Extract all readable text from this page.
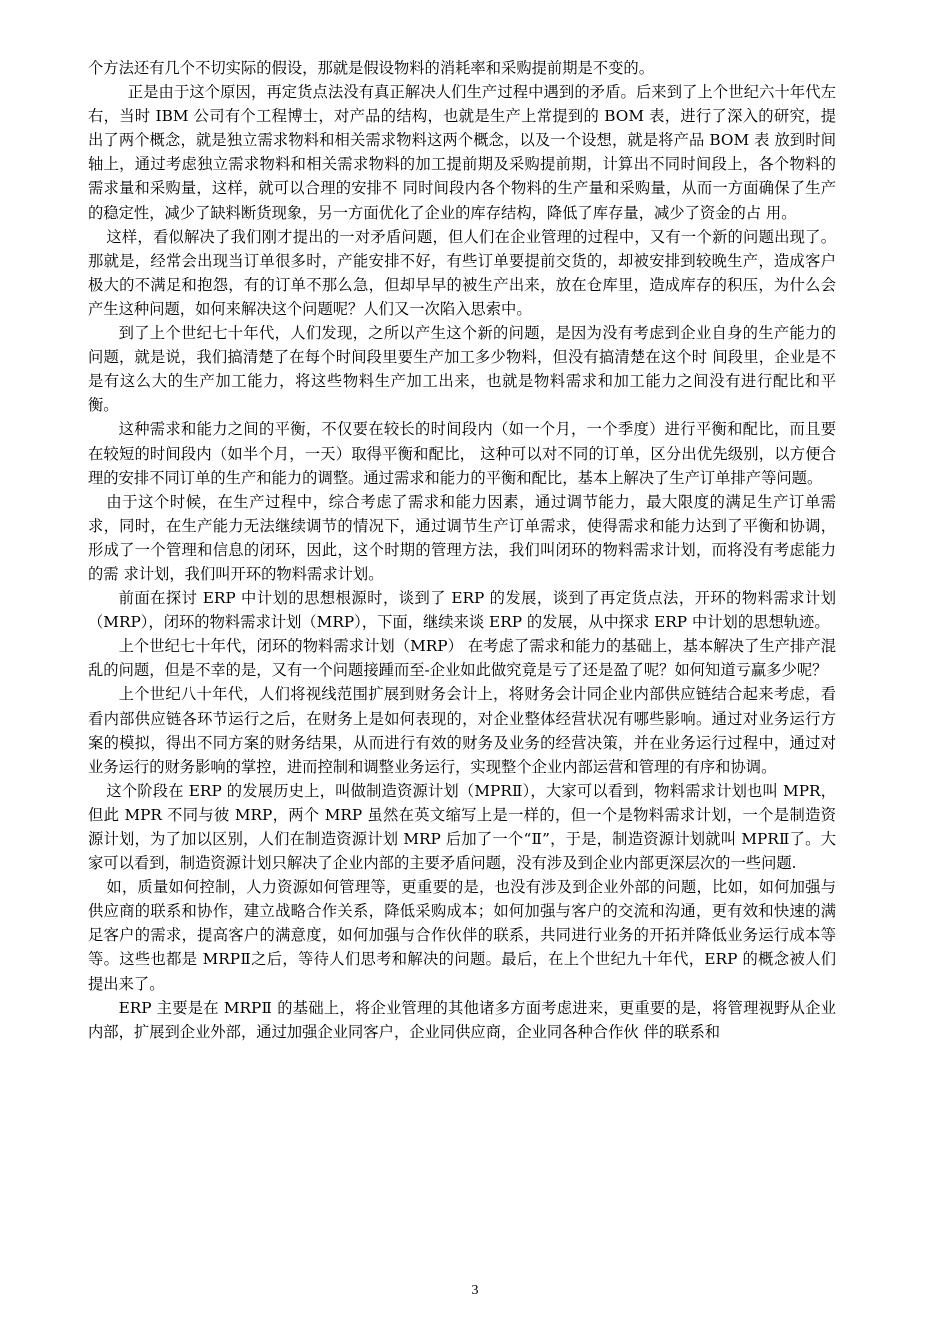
个方法还有几个不切实际的假设，那就是假设物料的消耗率和采购提前期是不变的。

正是由于这个原因，再定货点法没有真正解决人们生产过程中遇到的矛盾。后来到了上个世纪六十年代左右，当时 IBM 公司有个工程博士，对产品的结构，也就是生产上常提到的 BOM 表，进行了深入的研究，提出了两个概念，就是独立需求物料和相关需求物料这两个概念，以及一个设想，就是将产品 BOM 表 放到时间轴上，通过考虑独立需求物料和相关需求物料的加工提前期及采购提前期，计算出不同时间段上，各个物料的需求量和采购量，这样，就可以合理的安排不 同时间段内各个物料的生产量和采购量，从而一方面确保了生产的稳定性，减少了缺料断货现象，另一方面优化了企业的库存结构，降低了库存量，减少了资金的占 用。

这样，看似解决了我们刚才提出的一对矛盾问题，但人们在企业管理的过程中，又有一个新的问题出现了。那就是，经常会出现当订单很多时，产能安排不好，有些订单要提前交货的，却被安排到较晚生产，造成客户极大的不满足和抱怨，有的订单不那么急，但却早早的被生产出来，放在仓库里，造成库存的积压，为什么会产生这种问题，如何来解决这个问题呢？人们又一次陷入思索中。

到了上个世纪七十年代，人们发现，之所以产生这个新的问题，是因为没有考虑到企业自身的生产能力的问题，就是说，我们搞清楚了在每个时间段里要生产加工多少物料，但没有搞清楚在这个时 间段里，企业是不是有这么大的生产加工能力，将这些物料生产加工出来，也就是物料需求和加工能力之间没有进行配比和平衡。

这种需求和能力之间的平衡，不仅要在较长的时间段内（如一个月，一个季度）进行平衡和配比，而且要在较短的时间段内（如半个月，一天）取得平衡和配比， 这种可以对不同的订单，区分出优先级别，以方便合理的安排不同订单的生产和能力的调整。通过需求和能力的平衡和配比，基本上解决了生产订单排产等问题。

由于这个时候，在生产过程中，综合考虑了需求和能力因素，通过调节能力，最大限度的满足生产订单需求，同时，在生产能力无法继续调节的情况下，通过调节生产订单需求，使得需求和能力达到了平衡和协调，形成了一个管理和信息的闭环，因此，这个时期的管理方法，我们叫闭环的物料需求计划，而将没有考虑能力的需 求计划，我们叫开环的物料需求计划。

前面在探讨 ERP 中计划的思想根源时，谈到了 ERP 的发展，谈到了再定货点法，开环的物料需求计划（MRP），闭环的物料需求计划（MRP），下面，继续来谈 ERP 的发展，从中探求 ERP 中计划的思想轨迹。

上个世纪七十年代，闭环的物料需求计划（MRP） 在考虑了需求和能力的基础上，基本解决了生产排产混乱的问题，但是不幸的是，又有一个问题接踵而至-企业如此做究竟是亏了还是盈了呢？如何知道亏赢多少呢？

上个世纪八十年代，人们将视线范围扩展到财务会计上，将财务会计同企业内部供应链结合起来考虑，看看内部供应链各环节运行之后，在财务上是如何表现的，对企业整体经营状况有哪些影响。通过对业务运行方案的模拟，得出不同方案的财务结果，从而进行有效的财务及业务的经营决策，并在业务运行过程中，通过对业务运行的财务影响的掌控，进而控制和调整业务运行，实现整个企业内部运营和管理的有序和协调。

这个阶段在 ERP 的发展历史上，叫做制造资源计划（MPRⅡ），大家可以看到，物料需求计划也叫 MPR，但此 MPR 不同与彼 MRP，两个 MRP 虽然在英文缩写上是一样的，但一个是物料需求计划，一个是制造资源计划，为了加以区别，人们在制造资源计划 MRP 后加了一个“Ⅱ”，于是，制造资源计划就叫 MPRⅡ了。大家可以看到，制造资源计划只解决了企业内部的主要矛盾问题，没有涉及到企业内部更深层次的一些问题.

如，质量如何控制，人力资源如何管理等，更重要的是，也没有涉及到企业外部的问题，比如，如何加强与供应商的联系和协作，建立战略合作关系，降低采购成本；如何加强与客户的交流和沟通，更有效和快速的满足客户的需求，提高客户的满意度，如何加强与合作伙伴的联系，共同进行业务的开拓并降低业务运行成本等等。这些也都是 MRPⅡ之后，等待人们思考和解决的问题。最后，在上个世纪九十年代，ERP 的概念被人们提出来了。

ERP 主要是在 MRPⅡ 的基础上，将企业管理的其他诸多方面考虑进来，更重要的是，将管理视野从企业内部，扩展到企业外部，通过加强企业同客户，企业同供应商，企业同各种合作伙 伴的联系和

3
